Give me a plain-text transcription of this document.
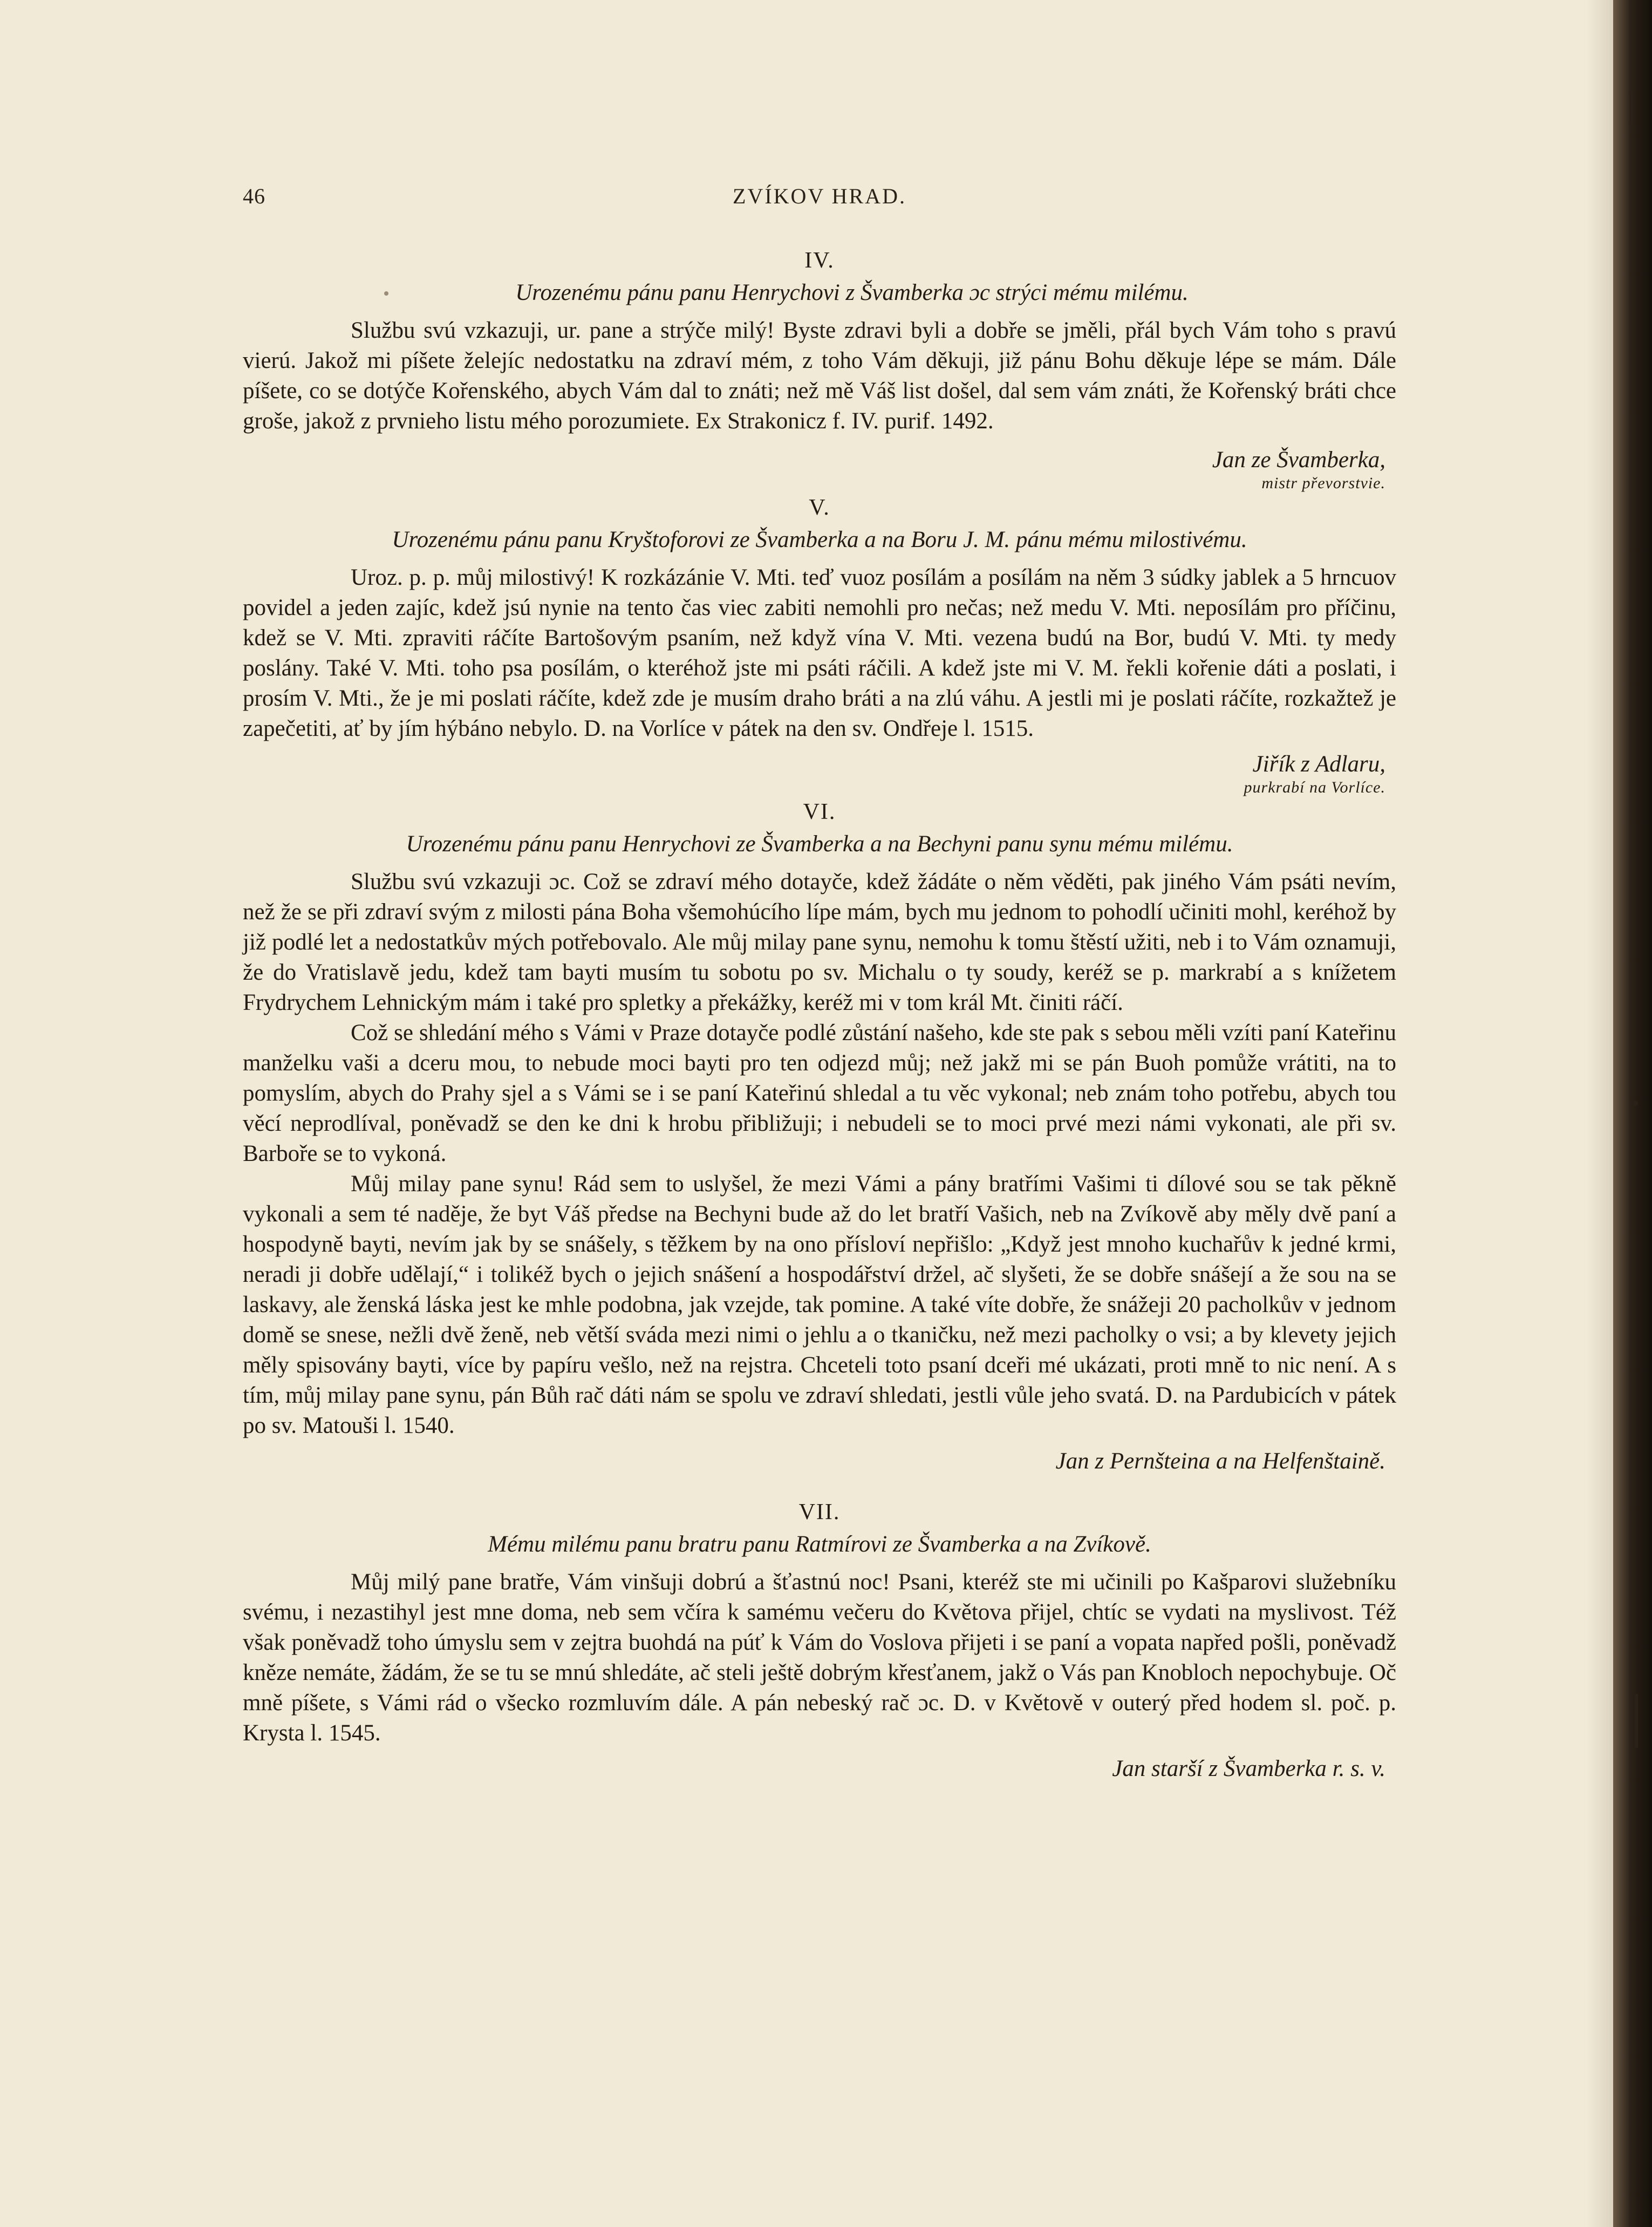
46	ZVÍKOV HRAD.
IV.
Urozenému pánu panu Henrychovi z Švamberka ɔc strýci mému milému.

Službu svú vzkazuji, ur. pane a strýče milý! Byste zdravi byli a dobře se jměli, přál bych Vám toho s pravú vierú. Jakož mi píšete želejíc nedostatku na zdraví mém, z toho Vám děkuji, již pánu Bohu děkuje lépe se mám. Dále píšete, co se dotýče Kořenského, abych Vám dal to znáti; než mě Váš list došel, dal sem vám znáti, že Kořenský bráti chce groše, jakož z prvnieho listu mého porozumiete. Ex Strakonicz f. IV. purif. 1492.

Jan ze Švamberka,
mistr převorstvie.
V.
Urozenému pánu panu Kryštoforovi ze Švamberka a na Boru J. M. pánu mému milostivému.

Uroz. p. p. můj milostivý! K rozkázánie V. Mti. teď vuoz posílám a posílám na něm 3 súdky jablek a 5 hrncuov povidel a jeden zajíc, kdež jsú nynie na tento čas viec zabiti nemohli pro nečas; než medu V. Mti. neposílám pro příčinu, kdež se V. Mti. zpraviti ráčíte Bartošovým psaním, než když vína V. Mti. vezena budú na Bor, budú V. Mti. ty medy poslány. Také V. Mti. toho psa posílám, o kteréhož jste mi psáti ráčili. A kdež jste mi V. M. řekli kořenie dáti a poslati, i prosím V. Mti., že je mi poslati ráčíte, kdež zde je musím draho bráti a na zlú váhu. A jestli mi je poslati ráčíte, rozkažtež je zapečetiti, ať by jím hýbáno nebylo. D. na Vorlíce v pátek na den sv. Ondřeje l. 1515.

Jiřík z Adlaru,
purkrabí na Vorlíce.
VI.
Urozenému pánu panu Henrychovi ze Švamberka a na Bechyni panu synu mému milému.

Službu svú vzkazuji ɔc. Což se zdraví mého dotayče, kdež žádáte o něm věděti, pak jiného Vám psáti nevím, než že se při zdraví svým z milosti pána Boha všemohúcího lípe mám, bych mu jednom to pohodlí učiniti mohl, keréhož by již podlé let a nedostatkův mých potřebovalo. Ale můj milay pane synu, nemohu k tomu štěstí užiti, neb i to Vám oznamuji, že do Vratislavě jedu, kdež tam bayti musím tu sobotu po sv. Michalu o ty soudy, keréž se p. markrabí a s knížetem Frydrychem Lehnickým mám i také pro spletky a překážky, keréž mi v tom král Mt. činiti ráčí.

Což se shledání mého s Vámi v Praze dotayče podlé zůstání našeho, kde ste pak s sebou měli vzíti paní Kateřinu manželku vaši a dceru mou, to nebude moci bayti pro ten odjezd můj; než jakž mi se pán Buoh pomůže vrátiti, na to pomyslím, abych do Prahy sjel a s Vámi se i se paní Kateřinú shledal a tu věc vykonal; neb znám toho potřebu, abych tou věcí neprodlíval, poněvadž se den ke dni k hrobu přibližuji; i nebudeli se to moci prvé mezi námi vykonati, ale při sv. Barboře se to vykoná.

Můj milay pane synu! Rád sem to uslyšel, že mezi Vámi a pány bratřími Vašimi ti dílové sou se tak pěkně vykonali a sem té naděje, že byt Váš předse na Bechyni bude až do let bratří Vašich, neb na Zvíkově aby měly dvě paní a hospodyně bayti, nevím jak by se snášely, s těžkem by na ono přísloví nepřišlo: „Když jest mnoho kuchařův k jedné krmi, neradi ji dobře udělají,“ i tolikéž bych o jejich snášení a hospodářství držel, ač slyšeti, že se dobře snášejí a že sou na se laskavy, ale ženská láska jest ke mhle podobna, jak vzejde, tak pomine. A také víte dobře, že snážeji 20 pacholkův v jednom domě se snese, nežli dvě ženě, neb větší sváda mezi nimi o jehlu a o tkaničku, než mezi pacholky o vsi; a by klevety jejich měly spisovány bayti, více by papíru vešlo, než na rejstra. Chceteli toto psaní dceři mé ukázati, proti mně to nic není. A s tím, můj milay pane synu, pán Bůh rač dáti nám se spolu ve zdraví shledati, jestli vůle jeho svatá. D. na Pardubicích v pátek po sv. Matouši l. 1540.

Jan z Pernšteina a na Helfenštaině.
VII.
Mému milému panu bratru panu Ratmírovi ze Švamberka a na Zvíkově.

Můj milý pane bratře, Vám vinšuji dobrú a šťastnú noc! Psani, kteréž ste mi učinili po Kašparovi služebníku svému, i nezastihyl jest mne doma, neb sem včíra k samému večeru do Květova přijel, chtíc se vydati na myslivost. Též však poněvadž toho úmyslu sem v zejtra buohdá na púť k Vám do Voslova přijeti i se paní a vopata napřed pošli, poněvadž kněze nemáte, žádám, že se tu se mnú shledáte, ač steli ještě dobrým křesťanem, jakž o Vás pan Knobloch nepochybuje. Oč mně píšete, s Vámi rád o všecko rozmluvím dále. A pán nebeský rač ɔc. D. v Květově v outerý před hodem sl. poč. p. Krysta l. 1545.

Jan starší z Švamberka r. s. v.
